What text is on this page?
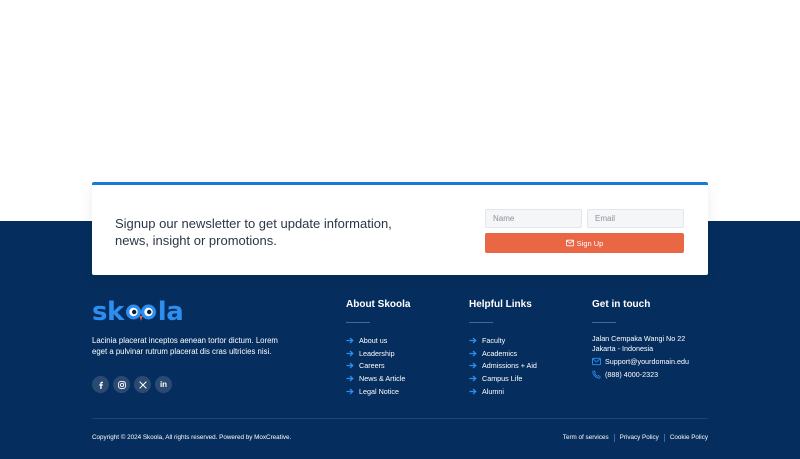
Signup our newsletter to get update information, news, insight or promotions.

Name	Email
Sign Up
sk la

Lacinia placerat inceptos aenean tortor dictum. Lorem eget a pulvinar rutrum placerat dis cras ultricies nisi.

in
About Skoola
About us
Leadership
Careers
News & Article
Legal Notice
Helpful Links
Faculty
Academics
Admissions + Aid
Campus Life
Alumni
Get in touch
Jalan Cempaka Wangi No 22
Jakarta - Indonesia
Support@yourdomain.edu
(888) 4000-2323
Copyright © 2024 Skoola, All rights reserved. Powered by MoxCreative.	Term of services Privacy Policy Cookie Policy
